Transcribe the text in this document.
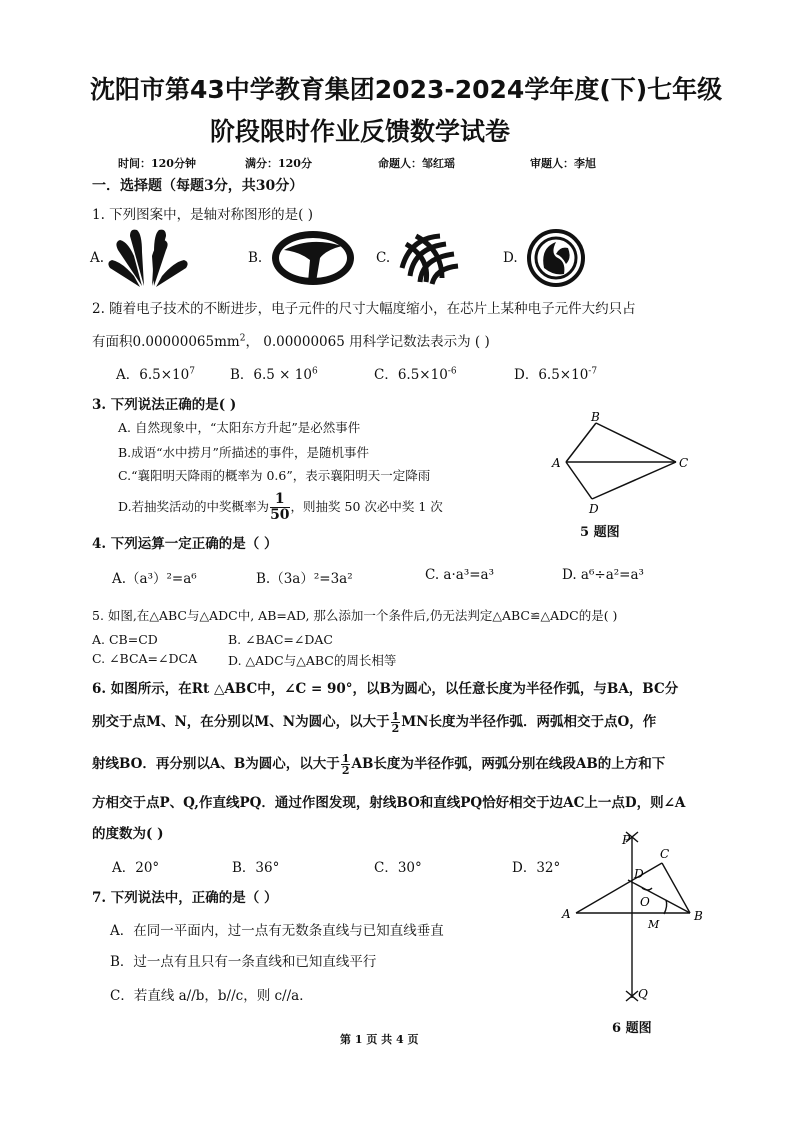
沈阳市第43中学教育集团2023-2024学年度(下)七年级
阶段限时作业反馈数学试卷
时间：120分钟	满分：120分	命题人：邹红瑶	审题人：李旭
一．选择题（每题3分，共30分）
1. 下列图案中，是轴对称图形的是( )
A.	B.	C.	D.
2. 随着电子技术的不断进步，电子元件的尺寸大幅度缩小，在芯片上某种电子元件大约只占
有面积$0.00000065mm^2$， 0.00000065 用科学记数法表示为 ( )
A．$6.5\times 10^7$	B．$6.5 \times 10^6$	C．$6.5\times 10^{-6}$	D．$6.5\times 10^{-7}$
3. 下列说法正确的是( )
A. 自然现象中，“太阳东方升起”是必然事件
B.成语“水中捞月”所描述的事件，是随机事件
C.“襄阳明天降雨的概率为 0.6”，表示襄阳明天一定降雨
D.若抽奖活动的中奖概率为 $\frac{1}{50}$ ，则抽奖 50 次必中奖 1 次
B
A	C
D
5 题图
4. 下列运算一定正确的是（ ）
A.（a³）²=a⁶	B.（3a）²=3a²	C. a·a³=a³	D. a⁶÷a²=a³
5. 如图,在△ABC与△ADC中, AB=AD, 那么添加一个条件后,仍无法判定△ABC≌△ADC的是( )
A. CB=CD	B. ∠BAC=∠DAC
C. ∠BCA=∠DCA D. △ADC与△ABC的周长相等
6. 如图所示，在Rt △ABC中，∠C = 90°，以B为圆心，以任意长度为半径作弧，与BA，BC分
别交于点M、N，在分别以M、N为圆心，以大于 $\frac{1}{2}$ MN长度为半径作弧．两弧相交于点O，作
射线BO．再分别以A、B为圆心，以大于 $\frac{1}{2}$ AB长度为半径作弧，两弧分别在线段AB的上方和下
方相交于点P、Q,作直线PQ．通过作图发现，射线BO和直线PQ恰好相交于边AC上一点D，则∠A
的度数为( )
A．20°	B．36°	C．30°	D．32°
P
C
D
O
A
M
B
Q
6 题图
7. 下列说法中，正确的是（ ）
A．在同一平面内，过一点有无数条直线与已知直线垂直
B．过一点有且只有一条直线和已知直线平行
C．若直线 a//b，b//c，则 c//a．
第 1 页 共 4 页
